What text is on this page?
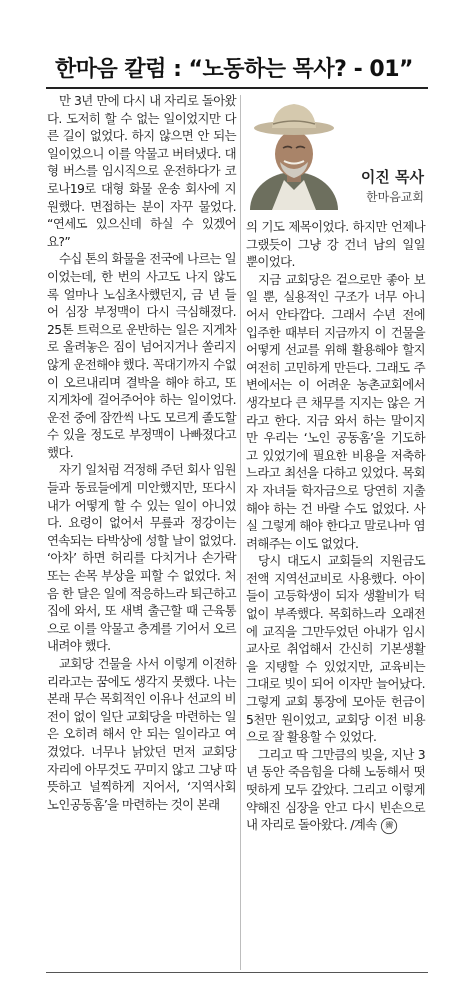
한마음 칼럼 : “노동하는 목사? - 01”

만 3년 만에 다시 내 자리로 돌아왔다. 도저히 할 수 없는 일이었지만 다른 길이 없었다. 하지 않으면 안 되는 일이었으니 이를 악물고 버텨냈다. 대형 버스를 임시직으로 운전하다가 코로나19로 대형 화물 운송 회사에 지원했다. 면접하는 분이 자꾸 물었다. “연세도 있으신데 하실 수 있겠어요?”

수십 톤의 화물을 전국에 나르는 일이었는데, 한 번의 사고도 나지 않도록 얼마나 노심초사했던지, 금 년 들어 심장 부정맥이 다시 극심해졌다. 25톤 트럭으로 운반하는 일은 지게차로 올려놓은 짐이 넘어지거나 쏠리지 않게 운전해야 했다. 꼭대기까지 수없이 오르내리며 결박을 해야 하고, 또 지게차에 걸어주어야 하는 일이었다. 운전 중에 잠깐씩 나도 모르게 졸도할 수 있을 정도로 부정맥이 나빠졌다고 했다.

자기 일처럼 걱정해 주던 회사 임원들과 동료들에게 미안했지만, 또다시 내가 어떻게 할 수 있는 일이 아니었다. 요령이 없어서 무릎과 정강이는 연속되는 타박상에 성할 날이 없었다. ‘아차’ 하면 허리를 다치거나 손가락 또는 손목 부상을 피할 수 없었다. 처음 한 달은 일에 적응하느라 퇴근하고 집에 와서, 또 새벽 출근할 때 근육통으로 이를 악물고 층계를 기어서 오르내려야 했다.

교회당 건물을 사서 이렇게 이전하리라고는 꿈에도 생각지 못했다. 나는 본래 무슨 목회적인 이유나 선교의 비전이 없이 일단 교회당을 마련하는 일은 오히려 해서 안 되는 일이라고 여겼었다. 너무나 낡았던 먼저 교회당 자리에 아무것도 꾸미지 않고 그냥 따뜻하고 널찍하게 지어서, ‘지역사회 노인공동홈’을 마련하는 것이 본래

이진 목사
한마음교회

의 기도 제목이었다. 하지만 언제나 그랬듯이 그냥 강 건너 남의 일일 뿐이었다.

지금 교회당은 겉으로만 좋아 보일 뿐, 실용적인 구조가 너무 아니어서 안타깝다. 그래서 수년 전에 입주한 때부터 지금까지 이 건물을 어떻게 선교를 위해 활용해야 할지 여전히 고민하게 만든다. 그래도 주변에서는 이 어려운 농촌교회에서 생각보다 큰 채무를 지지는 않은 거라고 한다. 지금 와서 하는 말이지만 우리는 ‘노인 공동홈’을 기도하고 있었기에 필요한 비용을 저축하느라고 최선을 다하고 있었다. 목회자 자녀들 학자금으로 당연히 지출해야 하는 건 바랄 수도 없었다. 사실 그렇게 해야 한다고 말로나마 염려해주는 이도 없었다.

당시 대도시 교회들의 지원금도 전액 지역선교비로 사용했다. 아이들이 고등학생이 되자 생활비가 턱없이 부족했다. 목회하느라 오래전에 교직을 그만두었던 아내가 임시교사로 취업해서 간신히 기본생활을 지탱할 수 있었지만, 교육비는 그대로 빚이 되어 이자만 늘어났다. 그렇게 교회 통장에 모아둔 헌금이 5천만 원이었고, 교회당 이전 비용으로 잘 활용할 수 있었다.

그리고 딱 그만큼의 빚을, 지난 3년 동안 죽음힘을 다해 노동해서 떳떳하게 모두 갚았다. 그리고 이렇게 약해진 심장을 안고 다시 빈손으로 내 자리로 돌아왔다. /계속 霽
